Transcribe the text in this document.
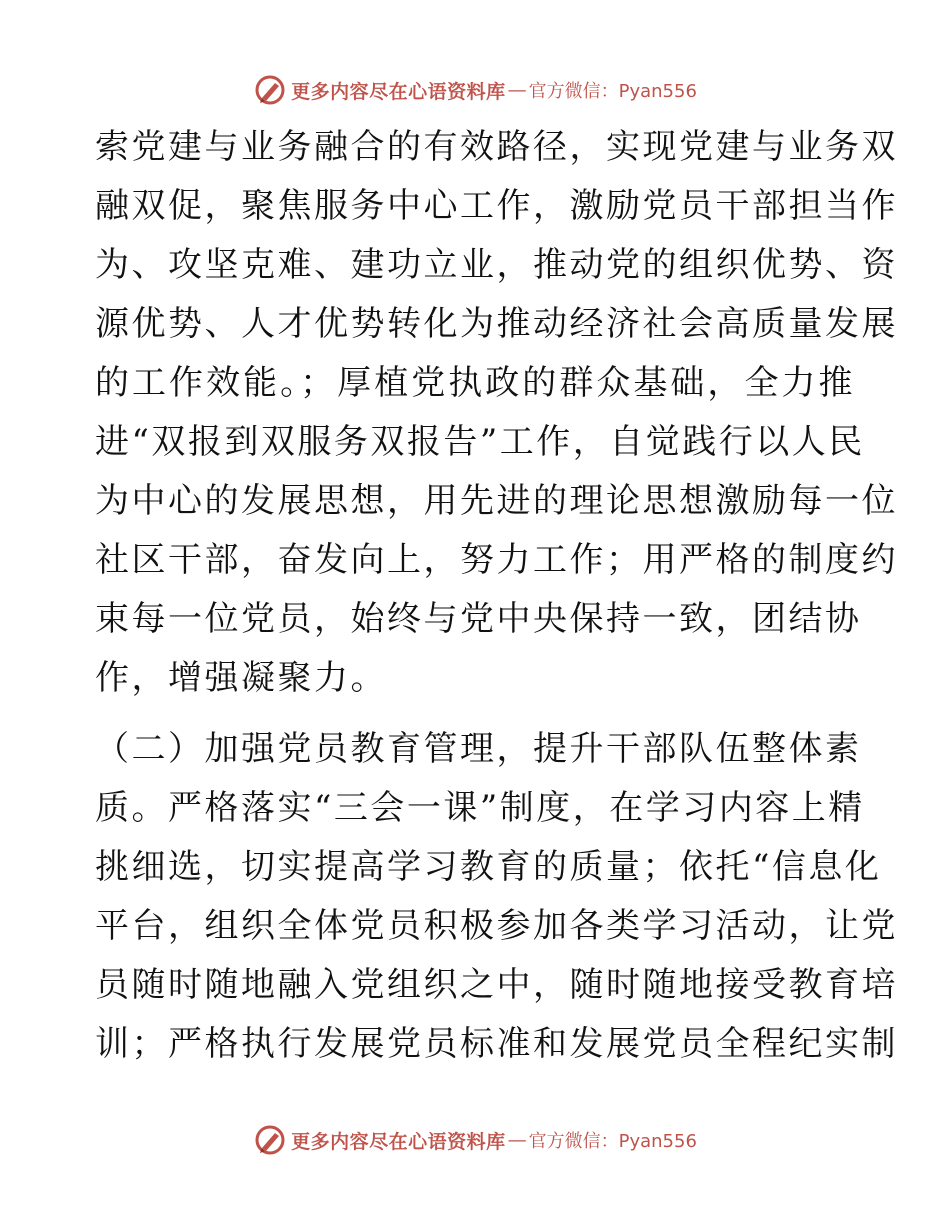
更多内容尽在心语资料库 — 官方微信：Pyan556
索党建与业务融合的有效路径，实现党建与业务双
融双促，聚焦服务中心工作，激励党员干部担当作
为、攻坚克难、建功立业，推动党的组织优势、资
源优势、人才优势转化为推动经济社会高质量发展
的工作效能。；厚植党执政的群众基础，全力推
进“双报到双服务双报告”工作，自觉践行以人民
为中心的发展思想，用先进的理论思想激励每一位
社区干部，奋发向上，努力工作；用严格的制度约
束每一位党员，始终与党中央保持一致，团结协
作，增强凝聚力。
（二）加强党员教育管理，提升干部队伍整体素
质。严格落实“三会一课”制度，在学习内容上精
挑细选，切实提高学习教育的质量；依托“信息化
平台，组织全体党员积极参加各类学习活动，让党
员随时随地融入党组织之中，随时随地接受教育培
训；严格执行发展党员标准和发展党员全程纪实制
更多内容尽在心语资料库 — 官方微信：Pyan556
